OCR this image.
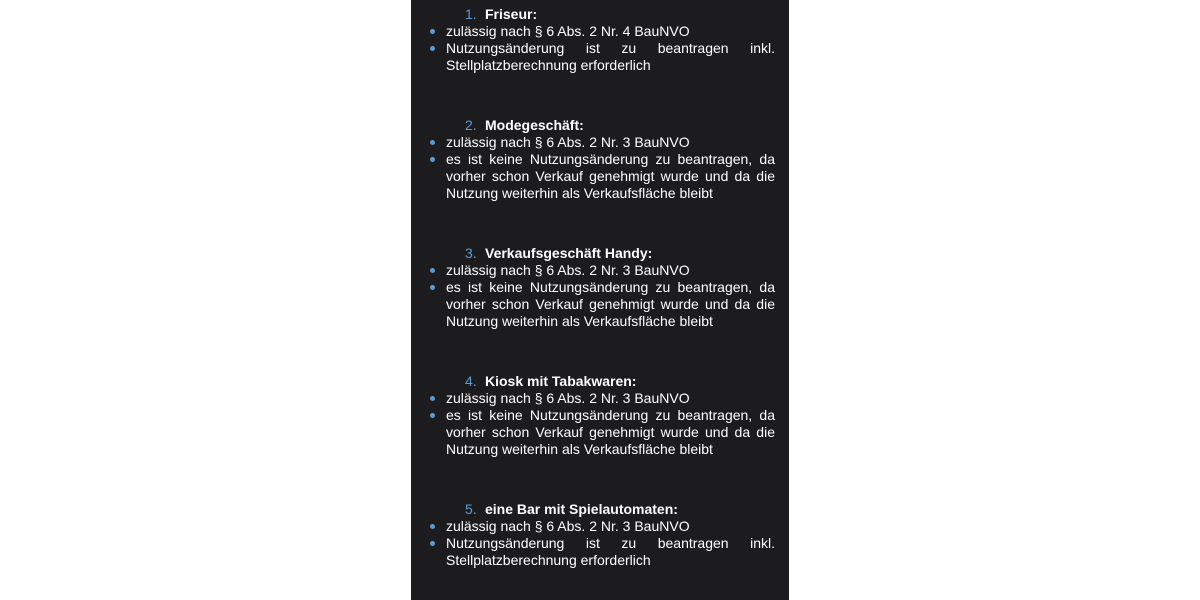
1. Friseur:
zulässig nach § 6 Abs. 2 Nr. 4 BauNVO
Nutzungsänderung ist zu beantragen inkl. Stellplatzberechnung erforderlich
2. Modegeschäft:
zulässig nach § 6 Abs. 2 Nr. 3 BauNVO
es ist keine Nutzungsänderung zu beantragen, da vorher schon Verkauf genehmigt wurde und da die Nutzung weiterhin als Verkaufsfläche bleibt
3. Verkaufsgeschäft Handy:
zulässig nach § 6 Abs. 2 Nr. 3 BauNVO
es ist keine Nutzungsänderung zu beantragen, da vorher schon Verkauf genehmigt wurde und da die Nutzung weiterhin als Verkaufsfläche bleibt
4. Kiosk mit Tabakwaren:
zulässig nach § 6 Abs. 2 Nr. 3 BauNVO
es ist keine Nutzungsänderung zu beantragen, da vorher schon Verkauf genehmigt wurde und da die Nutzung weiterhin als Verkaufsfläche bleibt
5. eine Bar mit Spielautomaten:
zulässig nach § 6 Abs. 2 Nr. 3 BauNVO
Nutzungsänderung ist zu beantragen inkl. Stellplatzberechnung erforderlich
